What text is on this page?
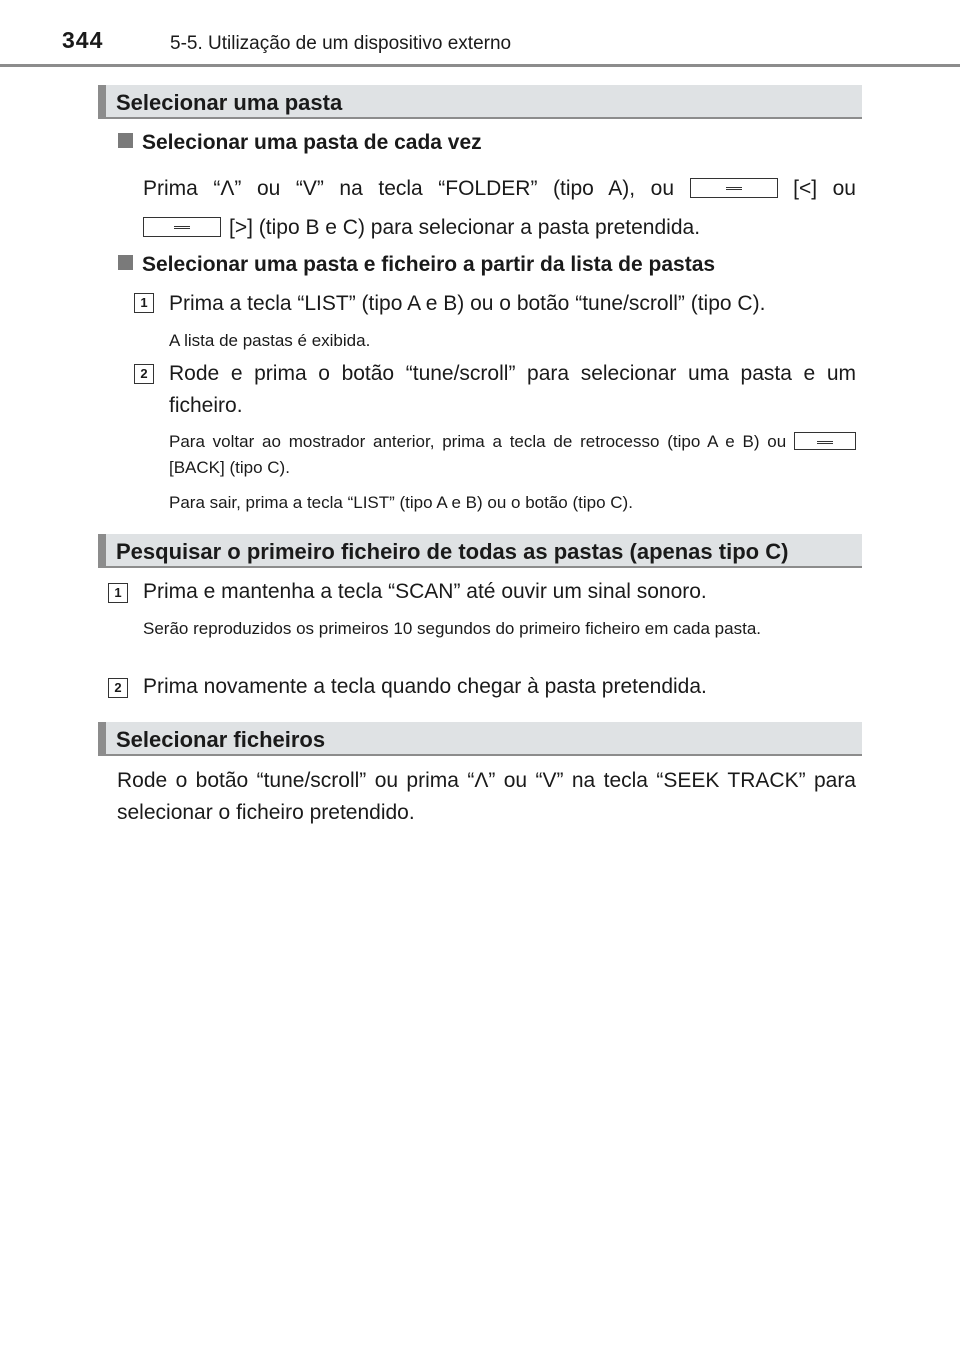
344	5-5. Utilização de um dispositivo externo
Selecionar uma pasta
Selecionar uma pasta de cada vez
Prima “Λ” ou “V” na tecla “FOLDER” (tipo A), ou	[<] ou
[>] (tipo B e C) para selecionar a pasta pretendida.
Selecionar uma pasta e ficheiro a partir da lista de pastas
1	Prima a tecla “LIST” (tipo A e B) ou o botão “tune/scroll” (tipo C).
A lista de pastas é exibida.
2	Rode e prima o botão “tune/scroll” para selecionar uma pasta e um ficheiro.
Para voltar ao mostrador anterior, prima a tecla de retrocesso (tipo A e B) ou  [BACK] (tipo C).
Para sair, prima a tecla “LIST” (tipo A e B) ou o botão (tipo C).
Pesquisar o primeiro ficheiro de todas as pastas (apenas tipo C)
1	Prima e mantenha a tecla “SCAN” até ouvir um sinal sonoro.
Serão reproduzidos os primeiros 10 segundos do primeiro ficheiro em cada pasta.
2	Prima novamente a tecla quando chegar à pasta pretendida.
Selecionar ficheiros
Rode o botão “tune/scroll” ou prima “Λ” ou “V” na tecla “SEEK TRACK” para selecionar o ficheiro pretendido.
